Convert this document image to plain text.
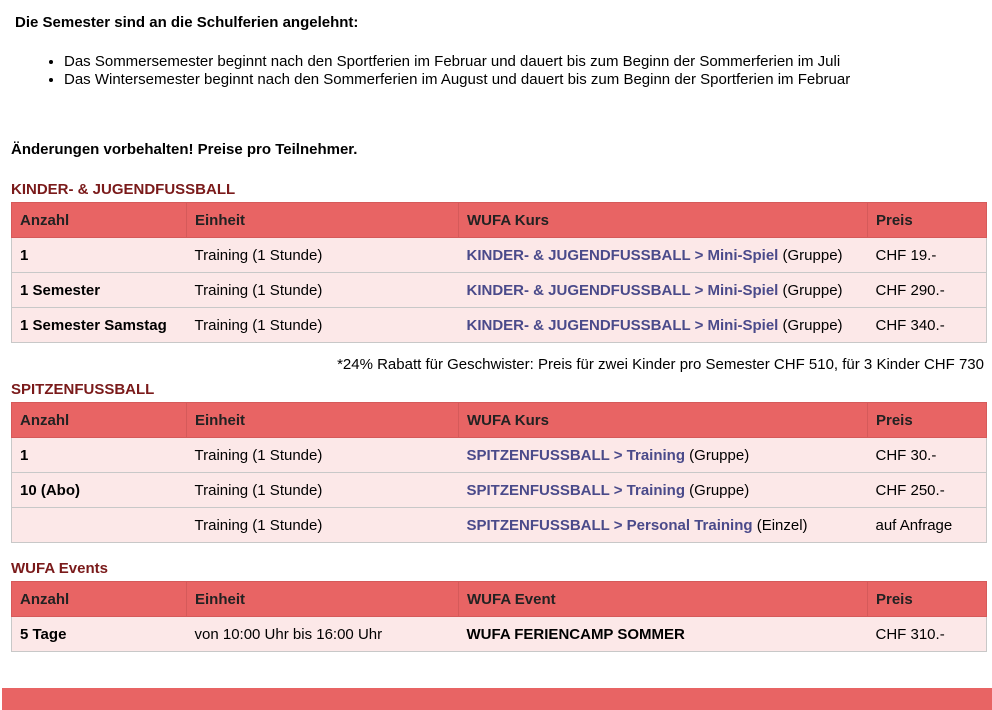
Die Semester sind an die Schulferien angelehnt:
• Das Sommersemester beginnt nach den Sportferien im Februar und dauert bis zum Beginn der Sommerferien im Juli
• Das Wintersemester beginnt nach den Sommerferien im August und dauert bis zum Beginn der Sportferien im Februar
Änderungen vorbehalten! Preise pro Teilnehmer.
KINDER- & JUGENDFUSSBALL
Anzahl	Einheit	WUFA Kurs	Preis
1	Training (1 Stunde)	KINDER- & JUGENDFUSSBALL > Mini-Spiel (Gruppe)	CHF 19.-
1 Semester	Training (1 Stunde)	KINDER- & JUGENDFUSSBALL > Mini-Spiel (Gruppe)	CHF 290.-
1 Semester Samstag	Training (1 Stunde)	KINDER- & JUGENDFUSSBALL > Mini-Spiel (Gruppe)	CHF 340.-
*24% Rabatt für Geschwister: Preis für zwei Kinder pro Semester CHF 510, für 3 Kinder CHF 730
SPITZENFUSSBALL
Anzahl	Einheit	WUFA Kurs	Preis
1	Training (1 Stunde)	SPITZENFUSSBALL > Training (Gruppe)	CHF 30.-
10 (Abo)	Training (1 Stunde)	SPITZENFUSSBALL > Training (Gruppe)	CHF 250.-
	Training (1 Stunde)	SPITZENFUSSBALL > Personal Training (Einzel)	auf Anfrage
WUFA Events
Anzahl	Einheit	WUFA Event	Preis
5 Tage	von 10:00 Uhr bis 16:00 Uhr	WUFA FERIENCAMP SOMMER	CHF 310.-
